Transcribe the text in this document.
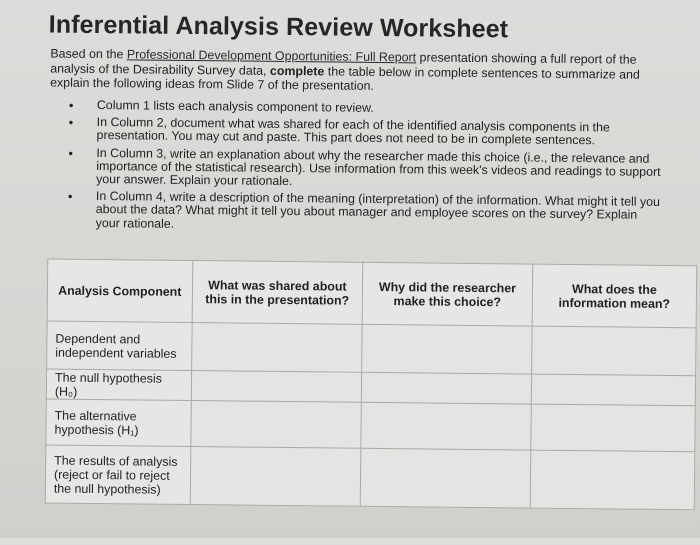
Inferential Analysis Review Worksheet
Based on the Professional Development Opportunities: Full Report presentation showing a full report of the analysis of the Desirability Survey data, complete the table below in complete sentences to summarize and explain the following ideas from Slide 7 of the presentation.
• Column 1 lists each analysis component to review.
• In Column 2, document what was shared for each of the identified analysis components in the presentation. You may cut and paste. This part does not need to be in complete sentences.
• In Column 3, write an explanation about why the researcher made this choice (i.e., the relevance and importance of the statistical research). Use information from this week's videos and readings to support your answer. Explain your rationale.
• In Column 4, write a description of the meaning (interpretation) of the information. What might it tell you about the data? What might it tell you about manager and employee scores on the survey? Explain your rationale.
Analysis Component	What was shared about this in the presentation?	Why did the researcher make this choice?	What does the information mean?
Dependent and independent variables			
The null hypothesis (H₀)			
The alternative hypothesis (H₁)			
The results of analysis (reject or fail to reject the null hypothesis)			
